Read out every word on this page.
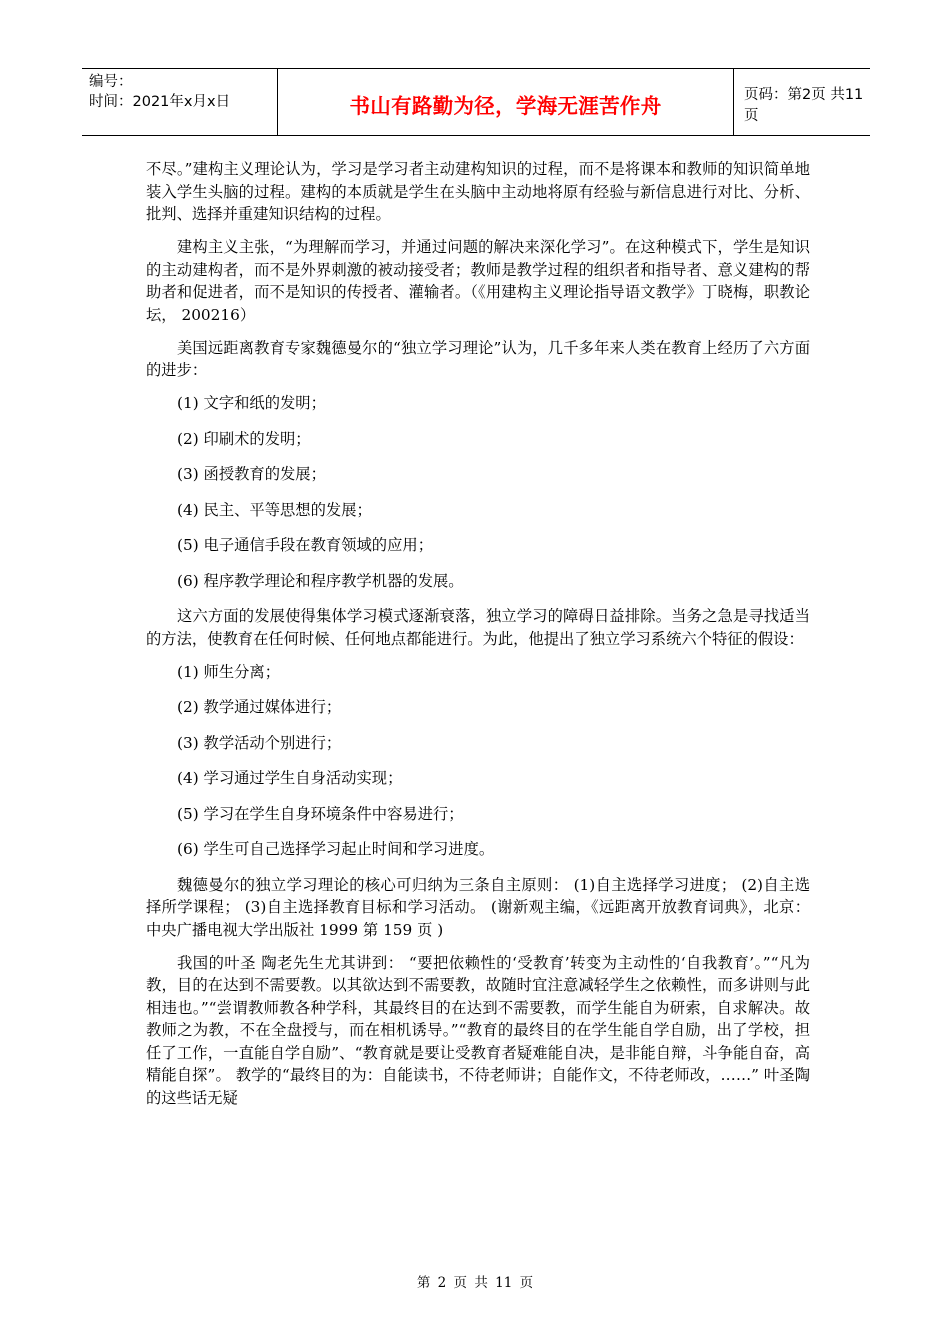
编号：
时间：2021年x月x日	书山有路勤为径，学海无涯苦作舟	页码：第2页 共11页

不尽。”建构主义理论认为，学习是学习者主动建构知识的过程，而不是将课本和教师的知识简单地装入学生头脑的过程。建构的本质就是学生在头脑中主动地将原有经验与新信息进行对比、分析、批判、选择并重建知识结构的过程。

建构主义主张，“为理解而学习，并通过问题的解决来深化学习”。在这种模式下，学生是知识的主动建构者，而不是外界刺激的被动接受者；教师是教学过程的组织者和指导者、意义建构的帮助者和促进者，而不是知识的传授者、灌输者。（《用建构主义理论指导语文教学》丁晓梅，职教论坛， 200216）

美国远距离教育专家魏德曼尔的“独立学习理论”认为，几千多年来人类在教育上经历了六方面的进步：

(1) 文字和纸的发明；

(2) 印刷术的发明；

(3) 函授教育的发展；

(4) 民主、平等思想的发展；

(5) 电子通信手段在教育领域的应用；

(6) 程序教学理论和程序教学机器的发展。

这六方面的发展使得集体学习模式逐渐衰落，独立学习的障碍日益排除。当务之急是寻找适当的方法，使教育在任何时候、任何地点都能进行。为此，他提出了独立学习系统六个特征的假设：

(1) 师生分离；

(2) 教学通过媒体进行；

(3) 教学活动个别进行；

(4) 学习通过学生自身活动实现；

(5) 学习在学生自身环境条件中容易进行；

(6) 学生可自己选择学习起止时间和学习进度。

魏德曼尔的独立学习理论的核心可归纳为三条自主原则： (1)自主选择学习进度； (2)自主选择所学课程； (3)自主选择教育目标和学习活动。 (谢新观主编，《远距离开放教育词典》，北京：中央广播电视大学出版社 1999 第 159 页 )

我国的叶圣 陶老先生尤其讲到： “要把依赖性的‘受教育’转变为主动性的‘自我教育’。”“凡为教，目的在达到不需要教。以其欲达到不需要教，故随时宜注意减轻学生之依赖性，而多讲则与此相违也。”“尝谓教师教各种学科，其最终目的在达到不需要教，而学生能自为研索，自求解决。故教师之为教，不在全盘授与，而在相机诱导。”“教育的最终目的在学生能自学自励，出了学校，担任了工作，一直能自学自励”、“教育就是要让受教育者疑难能自决，是非能自辩，斗争能自奋，高精能自探”。 教学的“最终目的为：自能读书，不待老师讲；自能作文，不待老师改，……” 叶圣陶的这些话无疑

第 2 页 共 11 页
